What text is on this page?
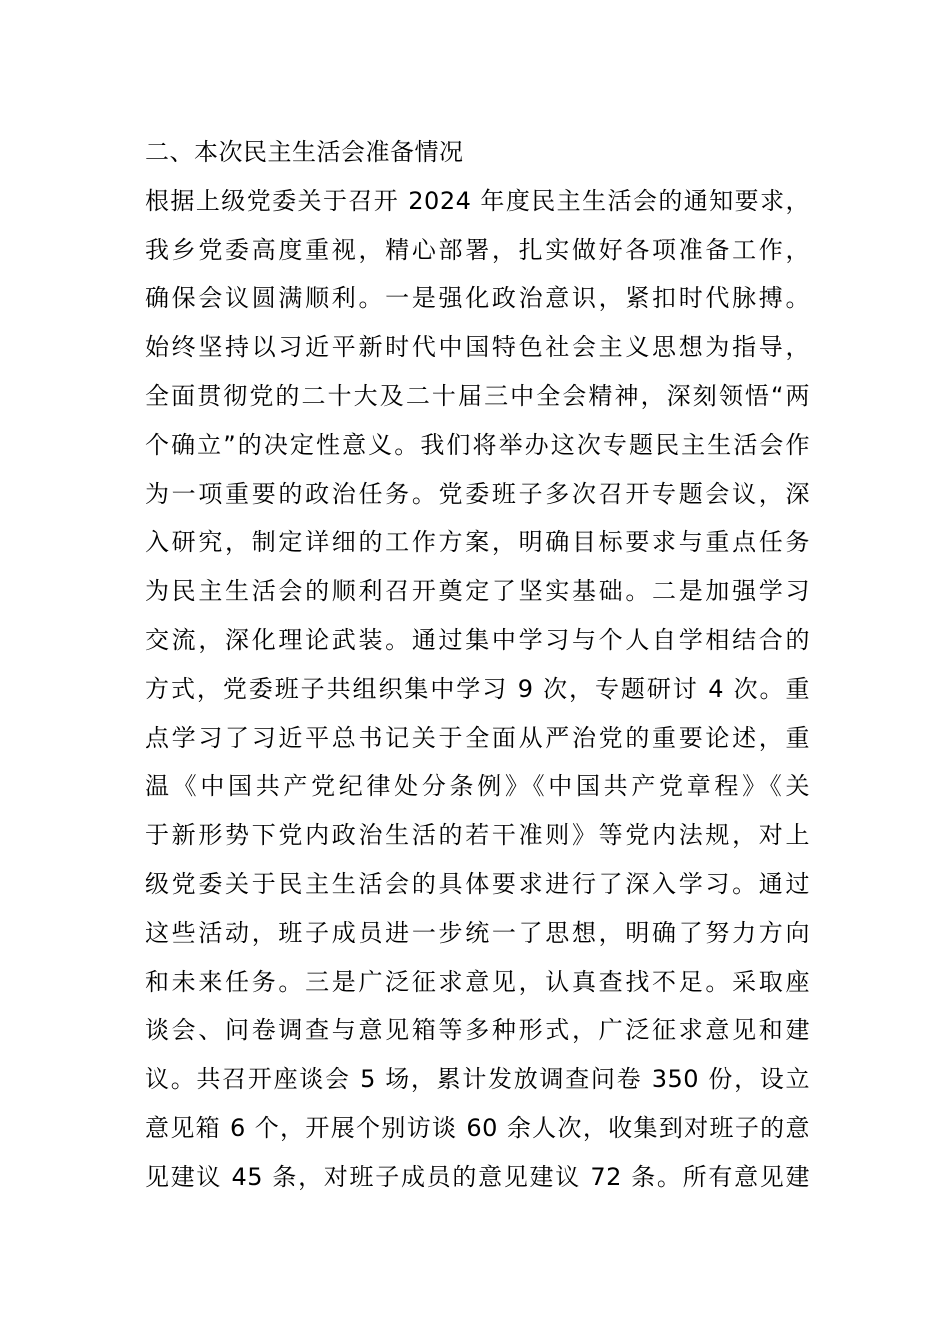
二、本次民主生活会准备情况
根据上级党委关于召开 2024 年度民主生活会的通知要求，
我乡党委高度重视，精心部署，扎实做好各项准备工作，
确保会议圆满顺利。一是强化政治意识，紧扣时代脉搏。
始终坚持以习近平新时代中国特色社会主义思想为指导，
全面贯彻党的二十大及二十届三中全会精神，深刻领悟“两
个确立”的决定性意义。我们将举办这次专题民主生活会作
为一项重要的政治任务。党委班子多次召开专题会议，深
入研究，制定详细的工作方案，明确目标要求与重点任务
为民主生活会的顺利召开奠定了坚实基础。二是加强学习
交流，深化理论武装。通过集中学习与个人自学相结合的
方式，党委班子共组织集中学习 9 次，专题研讨 4 次。重
点学习了习近平总书记关于全面从严治党的重要论述，重
温《中国共产党纪律处分条例》《中国共产党章程》《关
于新形势下党内政治生活的若干准则》等党内法规，对上
级党委关于民主生活会的具体要求进行了深入学习。通过
这些活动，班子成员进一步统一了思想，明确了努力方向
和未来任务。三是广泛征求意见，认真查找不足。采取座
谈会、问卷调查与意见箱等多种形式，广泛征求意见和建
议。共召开座谈会 5 场，累计发放调查问卷 350 份，设立
意见箱 6 个，开展个别访谈 60 余人次，收集到对班子的意
见建议 45 条，对班子成员的意见建议 72 条。所有意见建
